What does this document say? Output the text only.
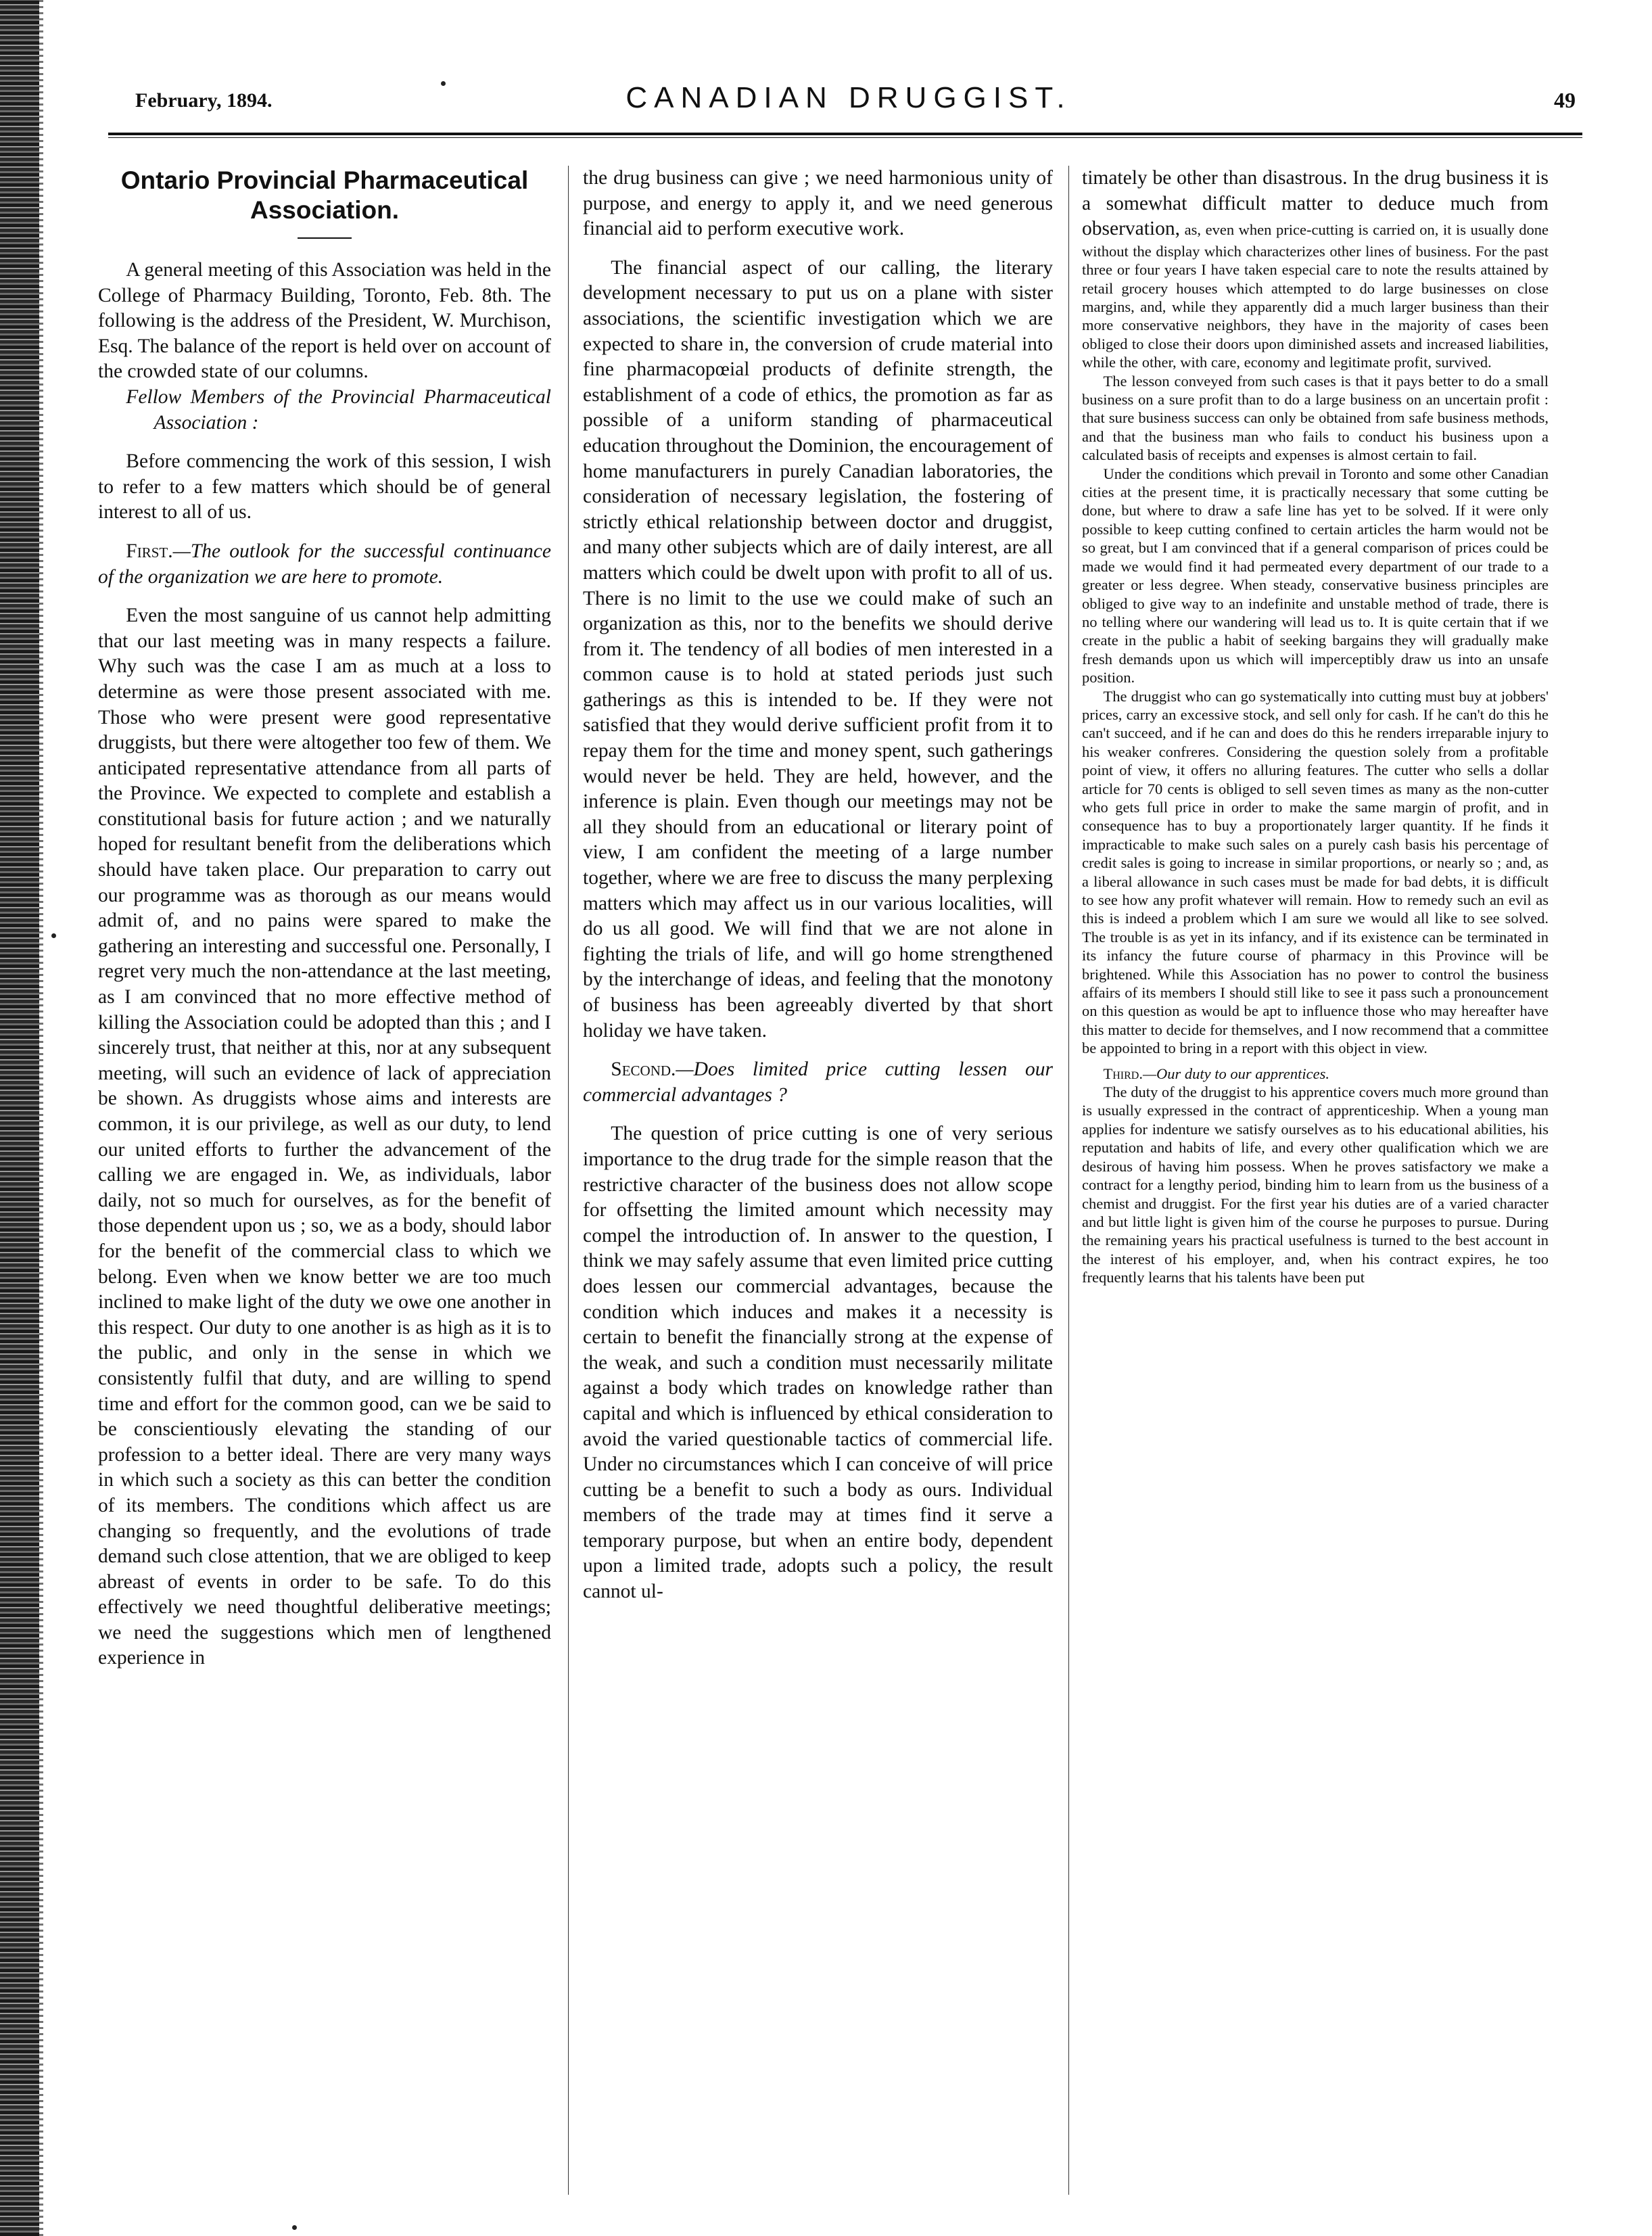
February, 1894.	CANADIAN DRUGGIST.	49
Ontario Provincial Pharmaceutical Association.

A general meeting of this Association was held in the College of Pharmacy Building, Toronto, Feb. 8th. The following is the address of the President, W. Murchison, Esq. The balance of the report is held over on account of the crowded state of our columns.

Fellow Members of the Provincial Pharmaceutical Association :

Before commencing the work of this session, I wish to refer to a few matters which should be of general interest to all of us.

First.—The outlook for the successful continuance of the organization we are here to promote.

Even the most sanguine of us cannot help admitting that our last meeting was in many respects a failure. Why such was the case I am as much at a loss to determine as were those present associated with me. Those who were present were good representative druggists, but there were altogether too few of them. We anticipated representative attendance from all parts of the Province. We expected to complete and establish a constitutional basis for future action ; and we naturally hoped for resultant benefit from the deliberations which should have taken place. Our preparation to carry out our programme was as thorough as our means would admit of, and no pains were spared to make the gathering an interesting and successful one. Personally, I regret very much the non-attendance at the last meeting, as I am convinced that no more effective method of killing the Association could be adopted than this ; and I sincerely trust, that neither at this, nor at any subsequent meeting, will such an evidence of lack of appreciation be shown. As druggists whose aims and interests are common, it is our privilege, as well as our duty, to lend our united efforts to further the advancement of the calling we are engaged in. We, as individuals, labor daily, not so much for ourselves, as for the benefit of those dependent upon us ; so, we as a body, should labor for the benefit of the commercial class to which we belong. Even when we know better we are too much inclined to make light of the duty we owe one another in this respect. Our duty to one another is as high as it is to the public, and only in the sense in which we consistently fulfil that duty, and are willing to spend time and effort for the common good, can we be said to be conscientiously elevating the standing of our profession to a better ideal. There are very many ways in which such a society as this can better the condition of its members. The conditions which affect us are changing so frequently, and the evolutions of trade demand such close attention, that we are obliged to keep abreast of events in order to be safe. To do this effectively we need thoughtful deliberative meetings; we need the suggestions which men of lengthened experience in

the drug business can give ; we need harmonious unity of purpose, and energy to apply it, and we need generous financial aid to perform executive work.

The financial aspect of our calling, the literary development necessary to put us on a plane with sister associations, the scientific investigation which we are expected to share in, the conversion of crude material into fine pharmacopœial products of definite strength, the establishment of a code of ethics, the promotion as far as possible of a uniform standing of pharmaceutical education throughout the Dominion, the encouragement of home manufacturers in purely Canadian laboratories, the consideration of necessary legislation, the fostering of strictly ethical relationship between doctor and druggist, and many other subjects which are of daily interest, are all matters which could be dwelt upon with profit to all of us. There is no limit to the use we could make of such an organization as this, nor to the benefits we should derive from it. The tendency of all bodies of men interested in a common cause is to hold at stated periods just such gatherings as this is intended to be. If they were not satisfied that they would derive sufficient profit from it to repay them for the time and money spent, such gatherings would never be held. They are held, however, and the inference is plain. Even though our meetings may not be all they should from an educational or literary point of view, I am confident the meeting of a large number together, where we are free to discuss the many perplexing matters which may affect us in our various localities, will do us all good. We will find that we are not alone in fighting the trials of life, and will go home strengthened by the interchange of ideas, and feeling that the monotony of business has been agreeably diverted by that short holiday we have taken.

Second.—Does limited price cutting lessen our commercial advantages ?

The question of price cutting is one of very serious importance to the drug trade for the simple reason that the restrictive character of the business does not allow scope for offsetting the limited amount which necessity may compel the introduction of. In answer to the question, I think we may safely assume that even limited price cutting does lessen our commercial advantages, because the condition which induces and makes it a necessity is certain to benefit the financially strong at the expense of the weak, and such a condition must necessarily militate against a body which trades on knowledge rather than capital and which is influenced by ethical consideration to avoid the varied questionable tactics of commercial life. Under no circumstances which I can conceive of will price cutting be a benefit to such a body as ours. Individual members of the trade may at times find it serve a temporary purpose, but when an entire body, dependent upon a limited trade, adopts such a policy, the result cannot ul-

timately be other than disastrous. In the drug business it is a somewhat difficult matter to deduce much from observation, as, even when price-cutting is carried on, it is usually done without the display which characterizes other lines of business. For the past three or four years I have taken especial care to note the results attained by retail grocery houses which attempted to do large businesses on close margins, and, while they apparently did a much larger business than their more conservative neighbors, they have in the majority of cases been obliged to close their doors upon diminished assets and increased liabilities, while the other, with care, economy and legitimate profit, survived.

The lesson conveyed from such cases is that it pays better to do a small business on a sure profit than to do a large business on an uncertain profit : that sure business success can only be obtained from safe business methods, and that the business man who fails to conduct his business upon a calculated basis of receipts and expenses is almost certain to fail.

Under the conditions which prevail in Toronto and some other Canadian cities at the present time, it is practically necessary that some cutting be done, but where to draw a safe line has yet to be solved. If it were only possible to keep cutting confined to certain articles the harm would not be so great, but I am convinced that if a general comparison of prices could be made we would find it had permeated every department of our trade to a greater or less degree. When steady, conservative business principles are obliged to give way to an indefinite and unstable method of trade, there is no telling where our wandering will lead us to. It is quite certain that if we create in the public a habit of seeking bargains they will gradually make fresh demands upon us which will imperceptibly draw us into an unsafe position.

The druggist who can go systematically into cutting must buy at jobbers' prices, carry an excessive stock, and sell only for cash. If he can't do this he can't succeed, and if he can and does do this he renders irreparable injury to his weaker confreres. Considering the question solely from a profitable point of view, it offers no alluring features. The cutter who sells a dollar article for 70 cents is obliged to sell seven times as many as the non-cutter who gets full price in order to make the same margin of profit, and in consequence has to buy a proportionately larger quantity. If he finds it impracticable to make such sales on a purely cash basis his percentage of credit sales is going to increase in similar proportions, or nearly so ; and, as a liberal allowance in such cases must be made for bad debts, it is difficult to see how any profit whatever will remain. How to remedy such an evil as this is indeed a problem which I am sure we would all like to see solved. The trouble is as yet in its infancy, and if its existence can be terminated in its infancy the future course of pharmacy in this Province will be brightened. While this Association has no power to control the business affairs of its members I should still like to see it pass such a pronouncement on this question as would be apt to influence those who may hereafter have this matter to decide for themselves, and I now recommend that a committee be appointed to bring in a report with this object in view.

Third.—Our duty to our apprentices.

The duty of the druggist to his apprentice covers much more ground than is usually expressed in the contract of apprenticeship. When a young man applies for indenture we satisfy ourselves as to his educational abilities, his reputation and habits of life, and every other qualification which we are desirous of having him possess. When he proves satisfactory we make a contract for a lengthy period, binding him to learn from us the business of a chemist and druggist. For the first year his duties are of a varied character and but little light is given him of the course he purposes to pursue. During the remaining years his practical usefulness is turned to the best account in the interest of his employer, and, when his contract expires, he too frequently learns that his talents have been put
